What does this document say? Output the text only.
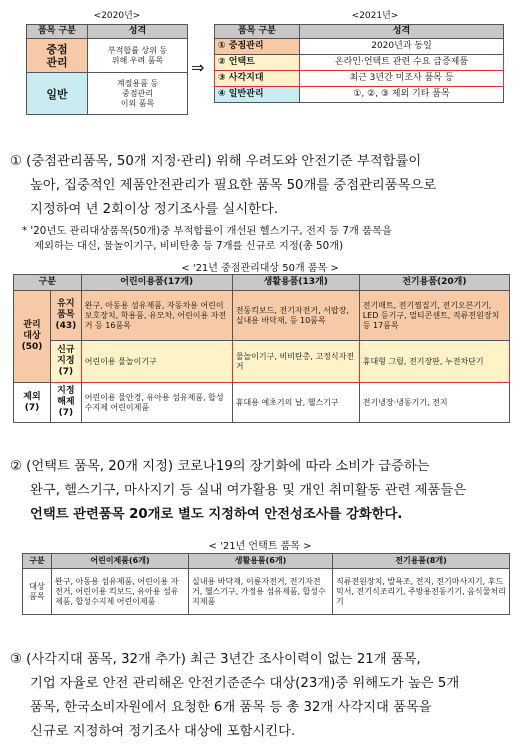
<2020년>	<2021년>
품목 구분	성격
중점
관리	부적합률 상위 등
위해 우려 품목
일반	계절용품 등
중점관리
이외 품목
⇒
품목 구분	성격
① 중점관리	2020년과 동일
② 언택트	온라인·언택트 관련 수요 급증제품
③ 사각지대	최근 3년간 미조사 품목 등
④ 일반관리	①, ②, ③ 제외 기타 품목
① (중점관리품목, 50개 지정·관리) 위해 우려도와 안전기준 부적합률이
높아, 집중적인 제품안전관리가 필요한 품목 50개를 중점관리품목으로
지정하여 년 2회이상 정기조사를 실시한다.
* '20년도 관리대상품목(50개)중 부적합률이 개선된 헬스기구, 전지 등 7개 품목을
제외하는 대신, 물놀이기구, 비비탄총 등 7개를 신규로 지정(총 50개)
< '21년 중점관리대상 50개 품목 >
구분		어린이용품(17개)	생활용품(13개)	전기용품(20개)
관리
대상
(50)	유지
품목
(43)	완구, 아동용 섬유제품, 자동차용 어린이보호장치, 학용품, 유모차, 어린이용 자전거 등 16품목	전동킥보드, 전기자전거, 서랍장, 실내용 바닥재, 등 10품목	전기매트, 전기찜질기, 전기오븐기기, LED 등기구, 멀티콘센트, 직류전원장치 등 17품목
	신규
지정
(7)	어린이용 물놀이기구	물놀이기구, 비비탄총, 고정식자전거	휴대형 그릴, 전기장판, 누전차단기
제외
(7)	지정
해제
(7)	어린이용 물안경, 유아용 섬유제품, 합성수지제 어린이제품	휴대용 예초기의 날, 헬스기구	전기냉장·냉동기기, 전지
② (언택트 품목, 20개 지정) 코로나19의 장기화에 따라 소비가 급증하는
완구, 헬스기구, 마사지기 등 실내 여가활용 및 개인 취미활동 관련 제품들은
언택트 관련품목 20개로 별도 지정하여 안전성조사를 강화한다.
< '21년 언택트 품목 >
구분	어린이제품(6개)	생활용품(6개)	전기용품(8개)
대상
품목	완구, 아동용 섬유제품, 어린이용 자전거, 어린이용 킥보드, 유아용 섬유제품, 합성수지제 어린이제품	실내용 바닥재, 이륜자전거, 전기자전거, 헬스기구, 가정용 섬유제품, 합성수지제품	직류전원장치, 발욕조, 전지, 전기마사지기, 후드믹서, 전기식조리기, 주방용전동기기, 음식물처리기
③ (사각지대 품목, 32개 추가) 최근 3년간 조사이력이 없는 21개 품목,
기업 자율로 안전 관리해온 안전기준준수 대상(23개)중 위해도가 높은 5개
품목, 한국소비자원에서 요청한 6개 품목 등 총 32개 사각지대 품목을
신규로 지정하여 정기조사 대상에 포함시킨다.
